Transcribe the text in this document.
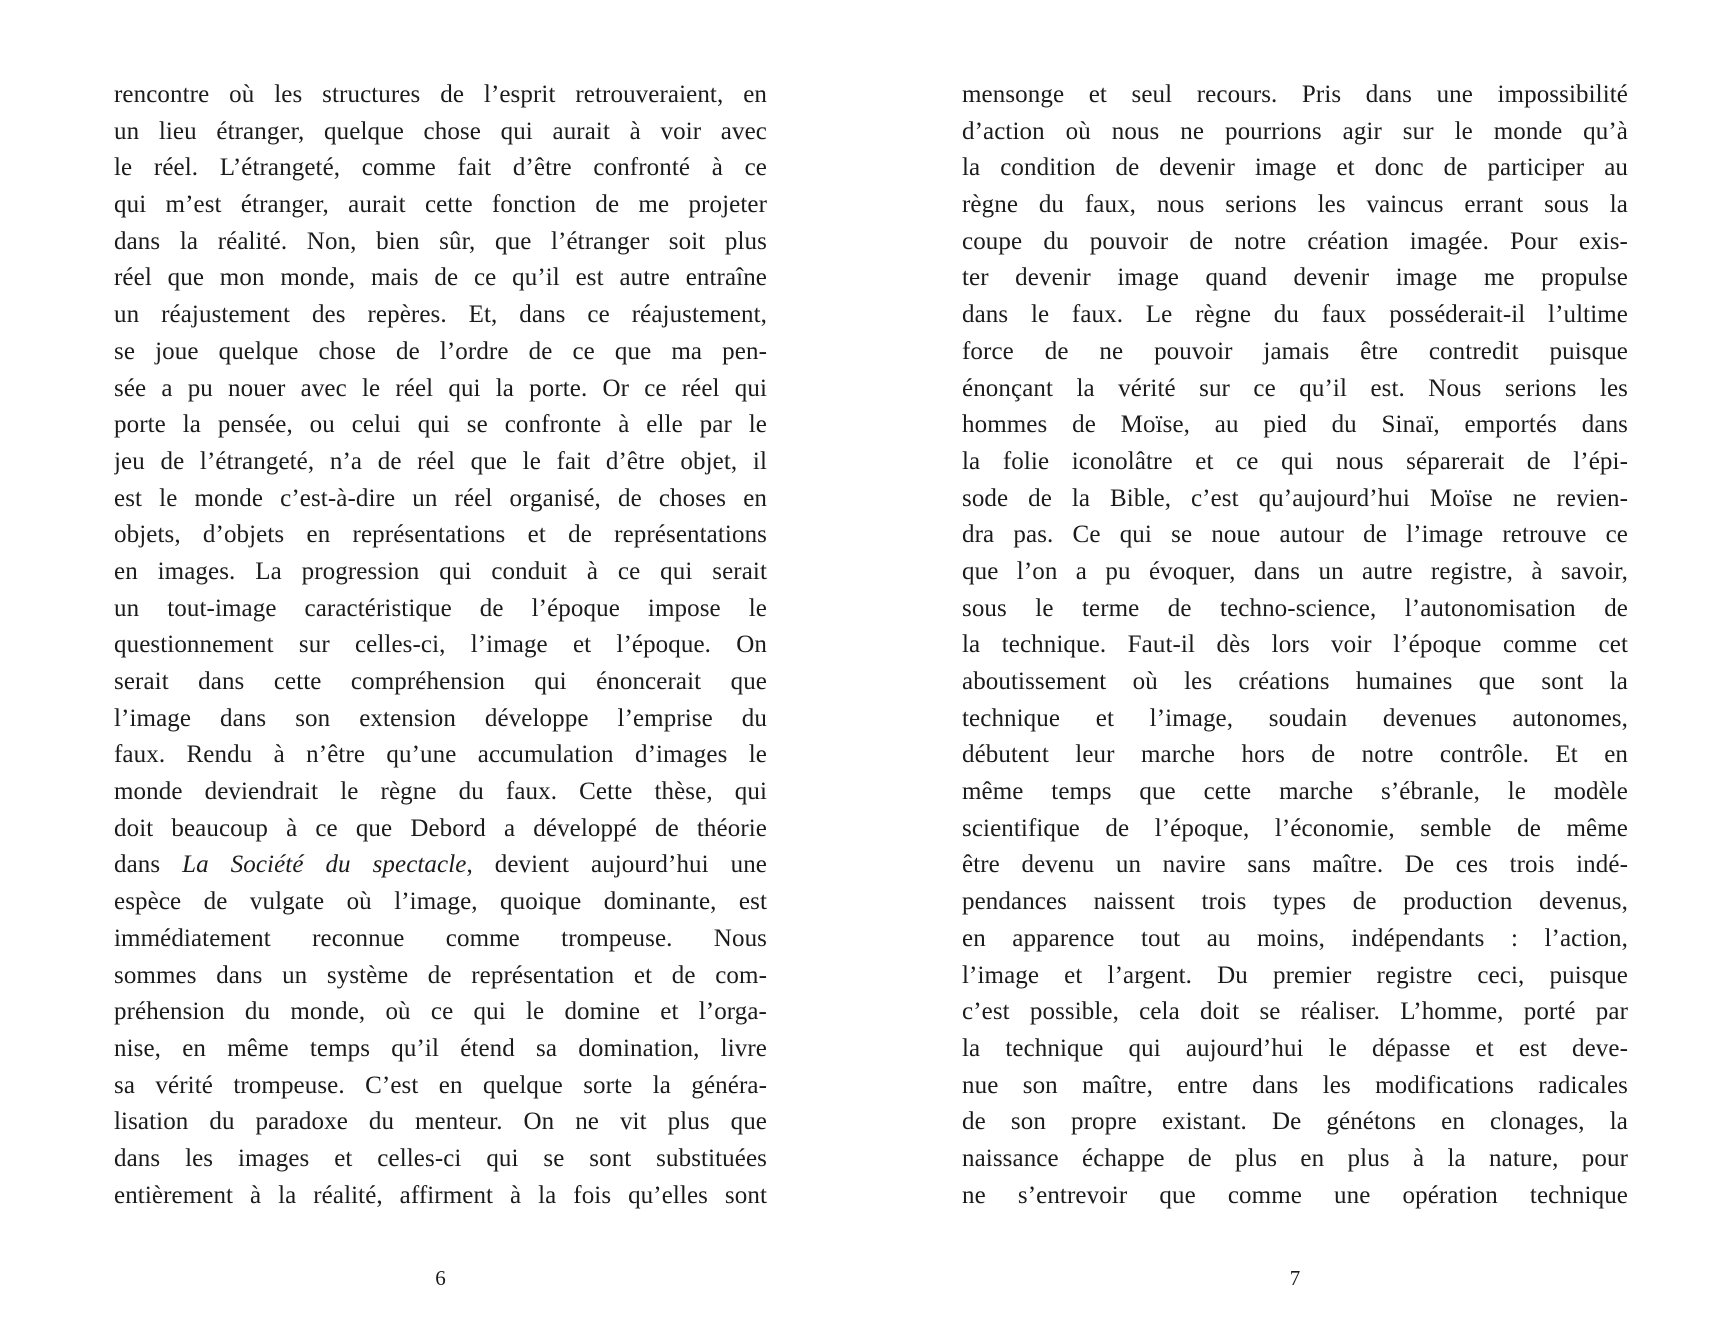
rencontre où les structures de l’esprit retrouveraient, en
un lieu étranger, quelque chose qui aurait à voir avec
le réel. L’étrangeté, comme fait d’être confronté à ce
qui m’est étranger, aurait cette fonction de me projeter
dans la réalité. Non, bien sûr, que l’étranger soit plus
réel que mon monde, mais de ce qu’il est autre entraîne
un réajustement des repères. Et, dans ce réajustement,
se joue quelque chose de l’ordre de ce que ma pen-
sée a pu nouer avec le réel qui la porte. Or ce réel qui
porte la pensée, ou celui qui se confronte à elle par le
jeu de l’étrangeté, n’a de réel que le fait d’être objet, il
est le monde c’est-à-dire un réel organisé, de choses en
objets, d’objets en représentations et de représentations
en images. La progression qui conduit à ce qui serait
un tout-image caractéristique de l’époque impose le
questionnement sur celles-ci, l’image et l’époque. On
serait dans cette compréhension qui énoncerait que
l’image dans son extension développe l’emprise du
faux. Rendu à n’être qu’une accumulation d’images le
monde deviendrait le règne du faux. Cette thèse, qui
doit beaucoup à ce que Debord a développé de théorie
dans La Société du spectacle, devient aujourd’hui une
espèce de vulgate où l’image, quoique dominante, est
immédiatement reconnue comme trompeuse. Nous
sommes dans un système de représentation et de com-
préhension du monde, où ce qui le domine et l’orga-
nise, en même temps qu’il étend sa domination, livre
sa vérité trompeuse. C’est en quelque sorte la généra-
lisation du paradoxe du menteur. On ne vit plus que
dans les images et celles-ci qui se sont substituées
entièrement à la réalité, affirment à la fois qu’elles sont
mensonge et seul recours. Pris dans une impossibilité
d’action où nous ne pourrions agir sur le monde qu’à
la condition de devenir image et donc de participer au
règne du faux, nous serions les vaincus errant sous la
coupe du pouvoir de notre création imagée. Pour exis-
ter devenir image quand devenir image me propulse
dans le faux. Le règne du faux posséderait-il l’ultime
force de ne pouvoir jamais être contredit puisque
énonçant la vérité sur ce qu’il est. Nous serions les
hommes de Moïse, au pied du Sinaï, emportés dans
la folie iconolâtre et ce qui nous séparerait de l’épi-
sode de la Bible, c’est qu’aujourd’hui Moïse ne revien-
dra pas. Ce qui se noue autour de l’image retrouve ce
que l’on a pu évoquer, dans un autre registre, à savoir,
sous le terme de techno-science, l’autonomisation de
la technique. Faut-il dès lors voir l’époque comme cet
aboutissement où les créations humaines que sont la
technique et l’image, soudain devenues autonomes,
débutent leur marche hors de notre contrôle. Et en
même temps que cette marche s’ébranle, le modèle
scientifique de l’époque, l’économie, semble de même
être devenu un navire sans maître. De ces trois indé-
pendances naissent trois types de production devenus,
en apparence tout au moins, indépendants : l’action,
l’image et l’argent. Du premier registre ceci, puisque
c’est possible, cela doit se réaliser. L’homme, porté par
la technique qui aujourd’hui le dépasse et est deve-
nue son maître, entre dans les modifications radicales
de son propre existant. De génétons en clonages, la
naissance échappe de plus en plus à la nature, pour
ne s’entrevoir que comme une opération technique
6	7
